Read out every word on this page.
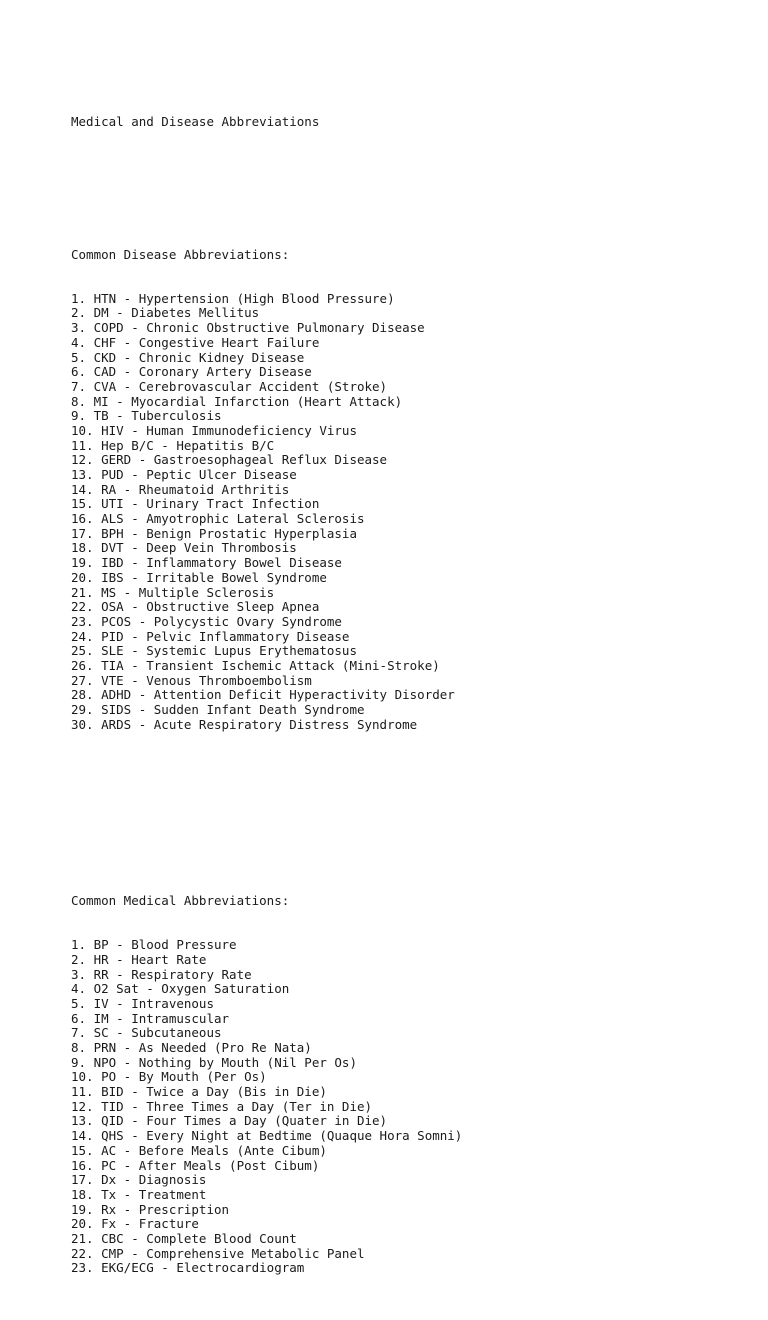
Medical and Disease Abbreviations

Common Disease Abbreviations:

1. HTN - Hypertension (High Blood Pressure)
2. DM - Diabetes Mellitus
3. COPD - Chronic Obstructive Pulmonary Disease
4. CHF - Congestive Heart Failure
5. CKD - Chronic Kidney Disease
6. CAD - Coronary Artery Disease
7. CVA - Cerebrovascular Accident (Stroke)
8. MI - Myocardial Infarction (Heart Attack)
9. TB - Tuberculosis
10. HIV - Human Immunodeficiency Virus
11. Hep B/C - Hepatitis B/C
12. GERD - Gastroesophageal Reflux Disease
13. PUD - Peptic Ulcer Disease
14. RA - Rheumatoid Arthritis
15. UTI - Urinary Tract Infection
16. ALS - Amyotrophic Lateral Sclerosis
17. BPH - Benign Prostatic Hyperplasia
18. DVT - Deep Vein Thrombosis
19. IBD - Inflammatory Bowel Disease
20. IBS - Irritable Bowel Syndrome
21. MS - Multiple Sclerosis
22. OSA - Obstructive Sleep Apnea
23. PCOS - Polycystic Ovary Syndrome
24. PID - Pelvic Inflammatory Disease
25. SLE - Systemic Lupus Erythematosus
26. TIA - Transient Ischemic Attack (Mini-Stroke)
27. VTE - Venous Thromboembolism
28. ADHD - Attention Deficit Hyperactivity Disorder
29. SIDS - Sudden Infant Death Syndrome
30. ARDS - Acute Respiratory Distress Syndrome

Common Medical Abbreviations:

1. BP - Blood Pressure
2. HR - Heart Rate
3. RR - Respiratory Rate
4. O2 Sat - Oxygen Saturation
5. IV - Intravenous
6. IM - Intramuscular
7. SC - Subcutaneous
8. PRN - As Needed (Pro Re Nata)
9. NPO - Nothing by Mouth (Nil Per Os)
10. PO - By Mouth (Per Os)
11. BID - Twice a Day (Bis in Die)
12. TID - Three Times a Day (Ter in Die)
13. QID - Four Times a Day (Quater in Die)
14. QHS - Every Night at Bedtime (Quaque Hora Somni)
15. AC - Before Meals (Ante Cibum)
16. PC - After Meals (Post Cibum)
17. Dx - Diagnosis
18. Tx - Treatment
19. Rx - Prescription
20. Fx - Fracture
21. CBC - Complete Blood Count
22. CMP - Comprehensive Metabolic Panel
23. EKG/ECG - Electrocardiogram
